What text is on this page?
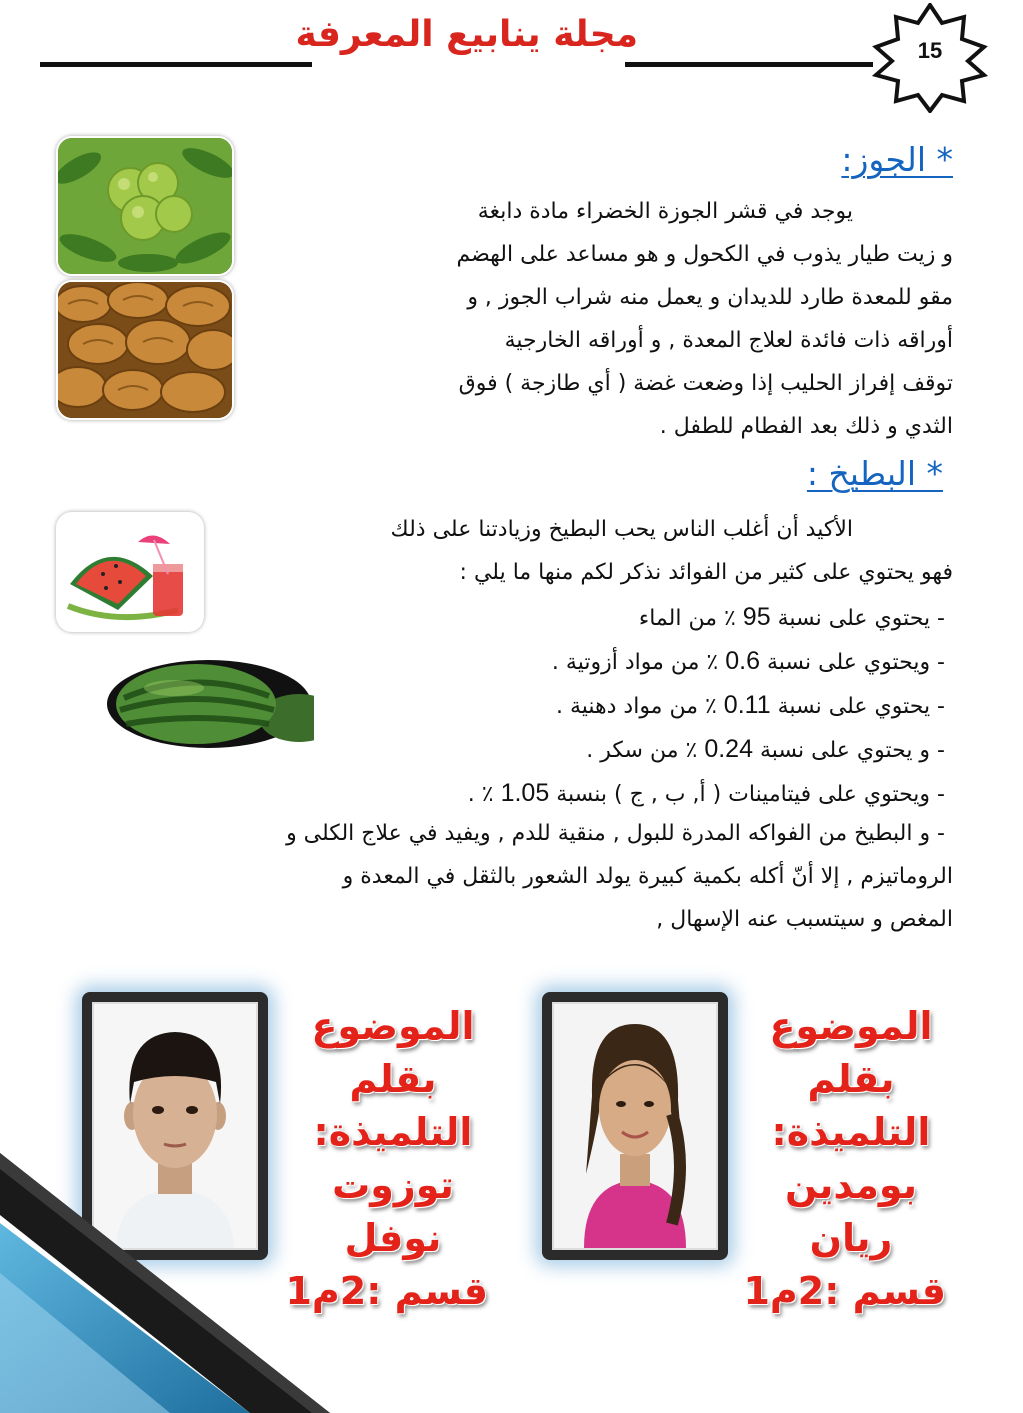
مجلة ينابيع المعرفة	15
* الجوز:
يوجد في قشر الجوزة الخضراء مادة دابغة
و زيت طيار يذوب في الكحول و هو مساعد على الهضم
مقو للمعدة طارد للديدان و يعمل منه شراب الجوز , و
أوراقه ذات فائدة لعلاج المعدة , و أوراقه الخارجية
توقف إفراز الحليب إذا وضعت غضة ( أي طازجة ) فوق
الثدي و ذلك بعد الفطام للطفل .
* البطيخ :
الأكيد أن أغلب الناس يحب البطيخ وزيادتنا على ذلك
فهو يحتوي على كثير من الفوائد نذكر لكم منها ما يلي :
- يحتوي على نسبة 95 ٪ من الماء
- ويحتوي على نسبة 0.6 ٪ من مواد أزوتية .
- يحتوي على نسبة 0.11 ٪ من مواد دهنية .
- و يحتوي على نسبة 0.24 ٪ من سكر .
- ويحتوي على فيتامينات ( أ, ب , ج ) بنسبة 1.05 ٪ .
- و البطيخ من الفواكه المدرة للبول , منقية للدم , ويفيد في علاج الكلى و
الروماتيزم , إلا أنّ أكله بكمية كبيرة يولد الشعور بالثقل في المعدة و
المغص و سيتسبب عنه الإسهال ,
الموضوع
بقلم
التلميذة:
بومدين
ريان
قسم :2م1
الموضوع
بقلم
التلميذة:
توزوت
نوفل
قسم :2م1
